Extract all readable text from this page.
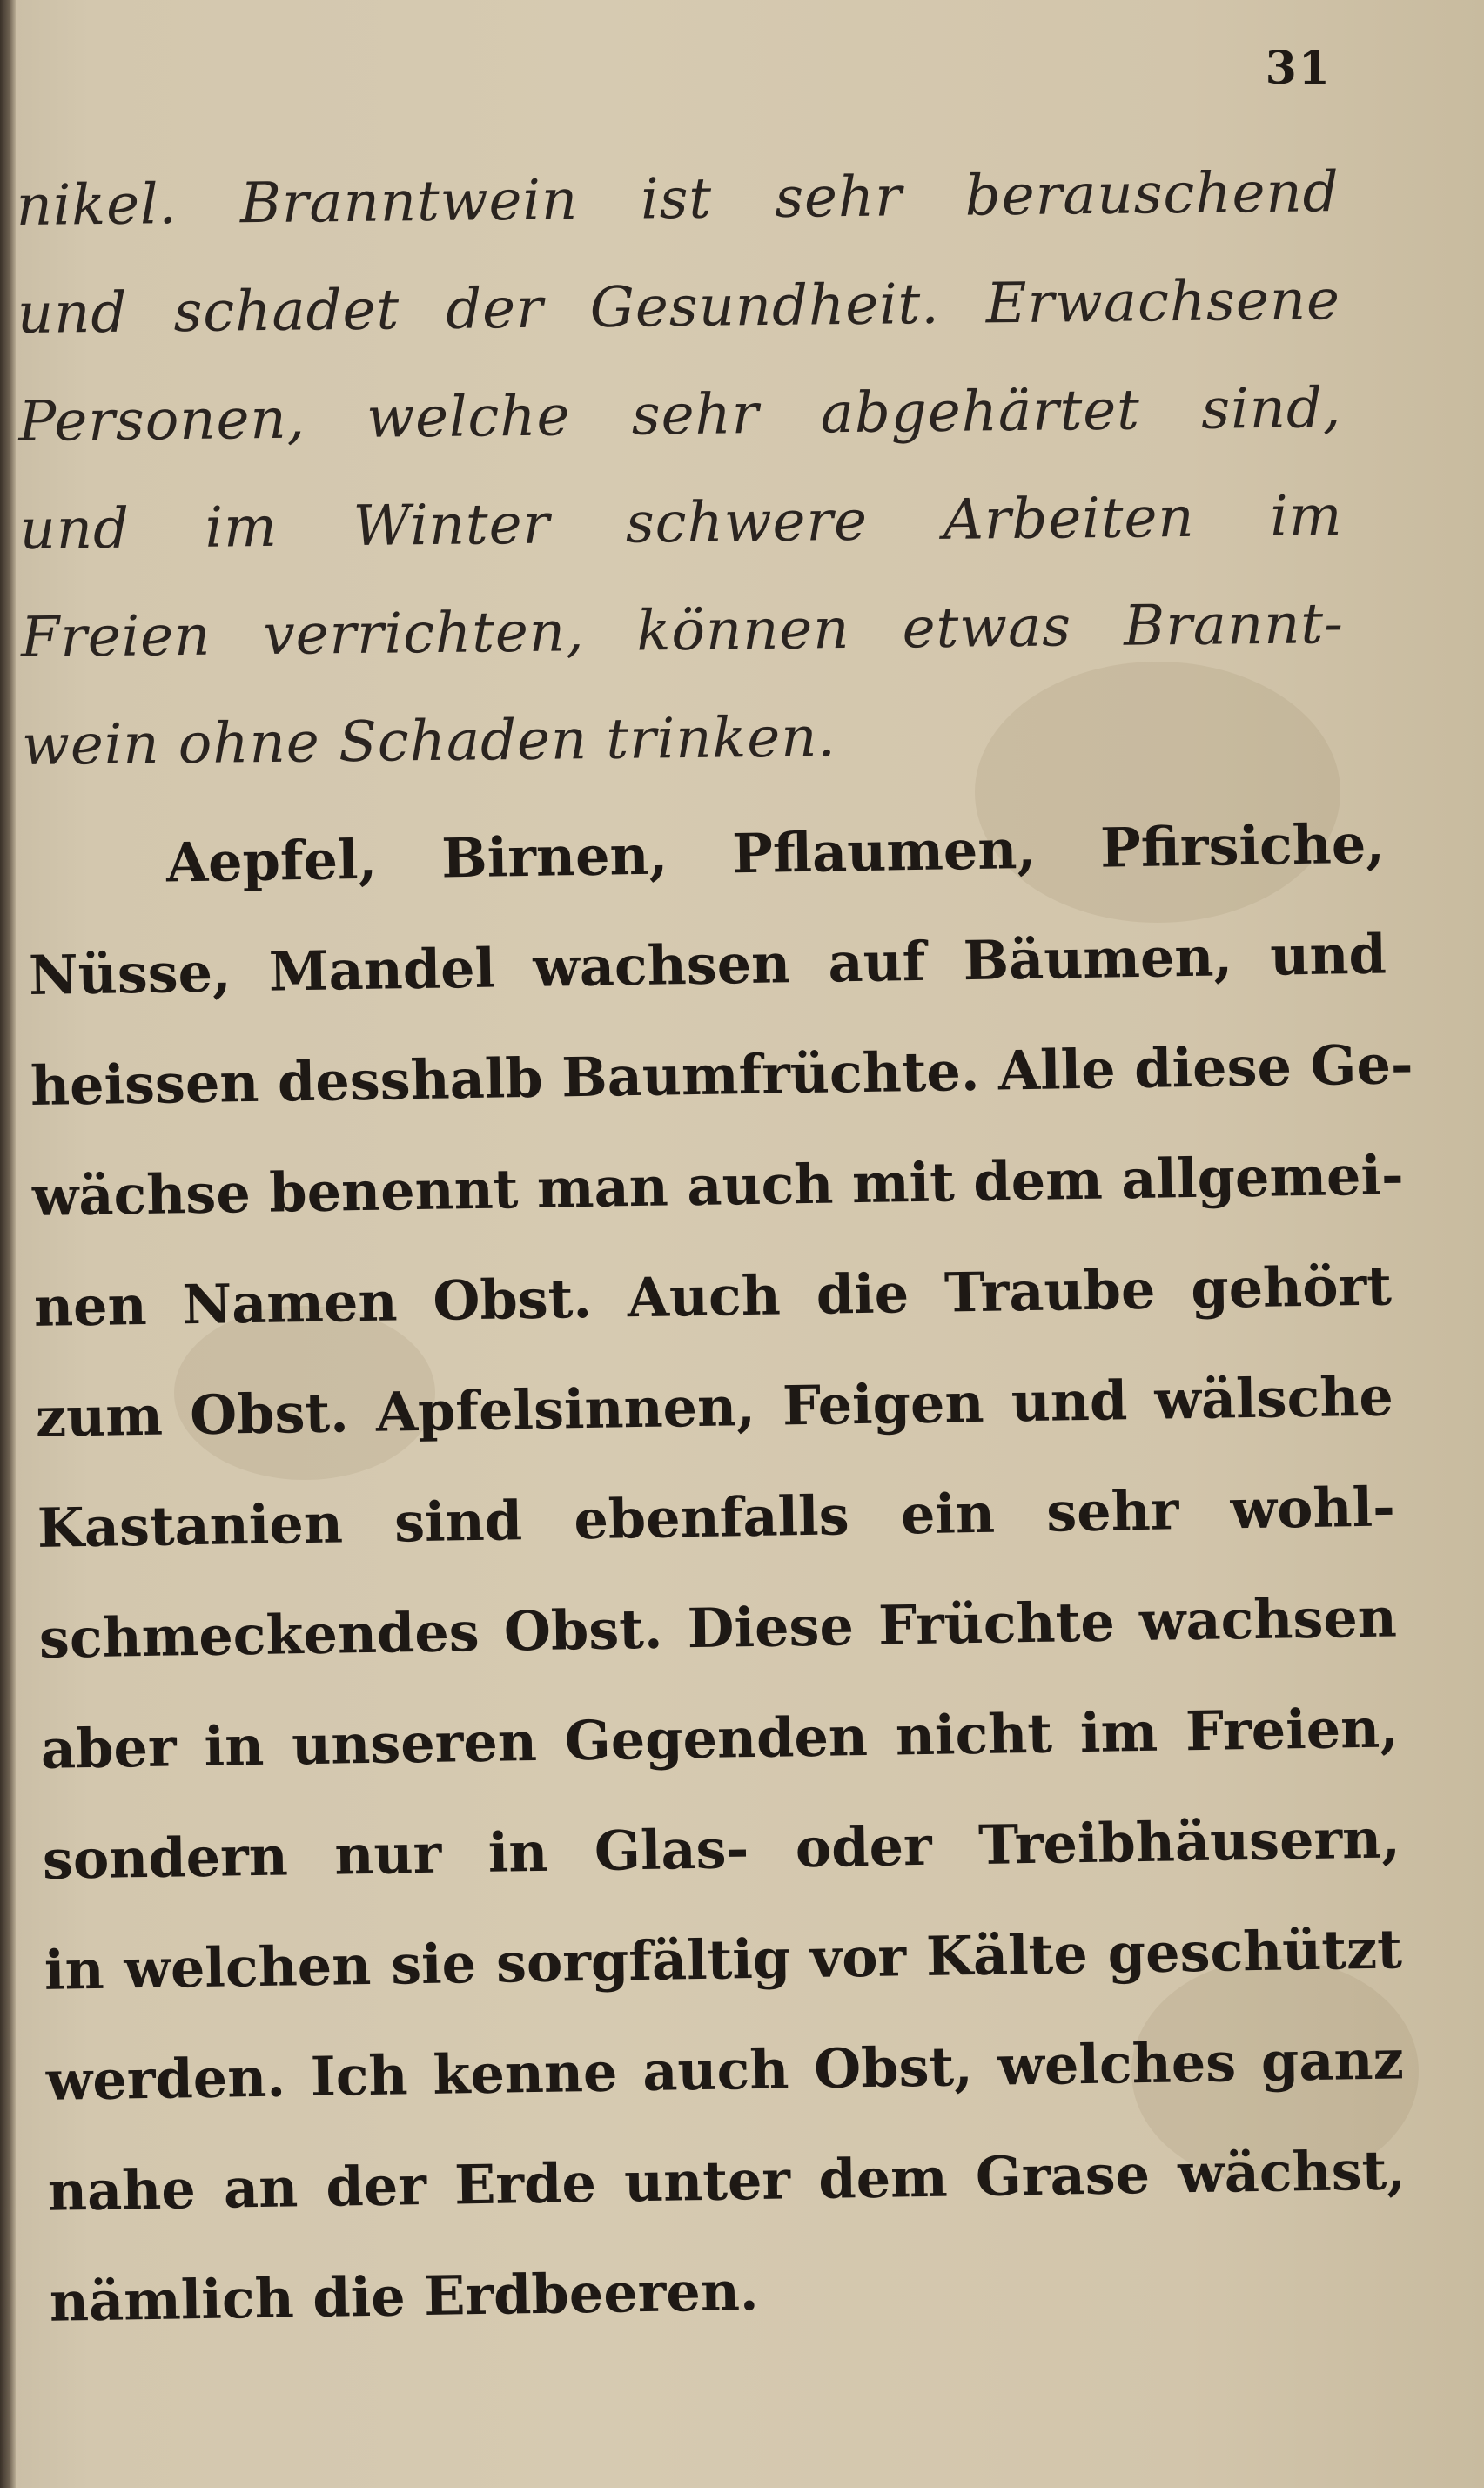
31
nikel. Branntwein ist sehr berauschend
und schadet der Gesundheit. Erwachsene
Personen, welche sehr abgehärtet sind,
und im Winter schwere Arbeiten im
Freien verrichten, können etwas Brannt-
wein ohne Schaden trinken.
Aepfel, Birnen, Pflaumen, Pfirsiche,
Nüsse, Mandel wachsen auf Bäumen, und
heissen desshalb Baumfrüchte. Alle diese Ge-
wächse benennt man auch mit dem allgemei-
nen Namen Obst. Auch die Traube gehört
zum Obst. Apfelsinnen, Feigen und wälsche
Kastanien sind ebenfalls ein sehr wohl-
schmeckendes Obst. Diese Früchte wachsen
aber in unseren Gegenden nicht im Freien,
sondern nur in Glas- oder Treibhäusern,
in welchen sie sorgfältig vor Kälte geschützt
werden. Ich kenne auch Obst, welches ganz
nahe an der Erde unter dem Grase wächst,
nämlich die Erdbeeren.
